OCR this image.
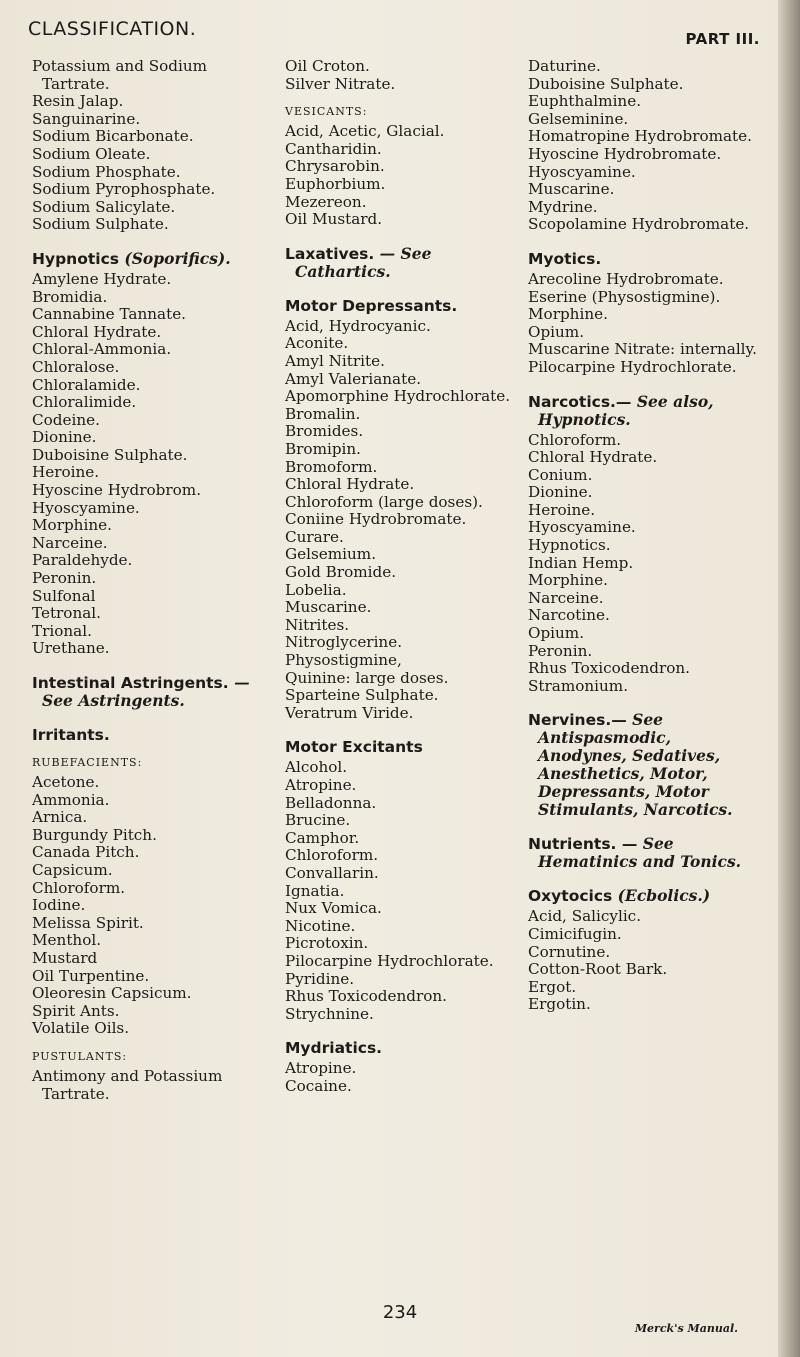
CLASSIFICATION.	PART III.
Potassium and Sodium Tartrate.
Resin Jalap.
Sanguinarine.
Sodium Bicarbonate.
Sodium Oleate.
Sodium Phosphate.
Sodium Pyrophosphate.
Sodium Salicylate.
Sodium Sulphate.
Hypnotics (Soporifics).
Amylene Hydrate.
Bromidia.
Cannabine Tannate.
Chloral Hydrate.
Chloral-Ammonia.
Chloralose.
Chloralamide.
Chloralimide.
Codeine.
Dionine.
Duboisine Sulphate.
Heroine.
Hyoscine Hydrobrom.
Hyoscyamine.
Morphine.
Narceine.
Paraldehyde.
Peronin.
Sulfonal
Tetronal.
Trional.
Urethane.
Intestinal Astringents. — See Astringents.
Irritants.
RUBEFACIENTS:
Acetone.
Ammonia.
Arnica.
Burgundy Pitch.
Canada Pitch.
Capsicum.
Chloroform.
Iodine.
Melissa Spirit.
Menthol.
Mustard
Oil Turpentine.
Oleoresin Capsicum.
Spirit Ants.
Volatile Oils.
PUSTULANTS:
Antimony and Potassium Tartrate.
Oil Croton.
Silver Nitrate.
VESICANTS:
Acid, Acetic, Glacial.
Cantharidin.
Chrysarobin.
Euphorbium.
Mezereon.
Oil Mustard.
Laxatives. — See Cathartics.
Motor Depressants.
Acid, Hydrocyanic.
Aconite.
Amyl Nitrite.
Amyl Valerianate.
Apomorphine Hydrochlorate.
Bromalin.
Bromides.
Bromipin.
Bromoform.
Chloral Hydrate.
Chloroform (large doses).
Coniine Hydrobromate.
Curare.
Gelsemium.
Gold Bromide.
Lobelia.
Muscarine.
Nitrites.
Nitroglycerine.
Physostigmine,
Quinine: large doses.
Sparteine Sulphate.
Veratrum Viride.
Motor Excitants
Alcohol.
Atropine.
Belladonna.
Brucine.
Camphor.
Chloroform.
Convallarin.
Ignatia.
Nux Vomica.
Nicotine.
Picrotoxin.
Pilocarpine Hydrochlorate.
Pyridine.
Rhus Toxicodendron.
Strychnine.
Mydriatics.
Atropine.
Cocaine.
Daturine.
Duboisine Sulphate.
Euphthalmine.
Gelseminine.
Homatropine Hydrobromate.
Hyoscine Hydrobromate.
Hyoscyamine.
Muscarine.
Mydrine.
Scopolamine Hydrobromate.
Myotics.
Arecoline Hydrobromate.
Eserine (Physostigmine).
Morphine.
Opium.
Muscarine Nitrate: internally.
Pilocarpine Hydrochlorate.
Narcotics.— See also, Hypnotics.
Chloroform.
Chloral Hydrate.
Conium.
Dionine.
Heroine.
Hyoscyamine.
Hypnotics.
Indian Hemp.
Morphine.
Narceine.
Narcotine.
Opium.
Peronin.
Rhus Toxicodendron.
Stramonium.
Nervines.— See Antispasmodic, Anodynes, Sedatives, Anesthetics, Motor, Depressants, Motor Stimulants, Narcotics.
Nutrients. — See Hematinics and Tonics.
Oxytocics (Ecbolics.)
Acid, Salicylic.
Cimicifugin.
Cornutine.
Cotton-Root Bark.
Ergot.
Ergotin.
234
Merck's Manual.
